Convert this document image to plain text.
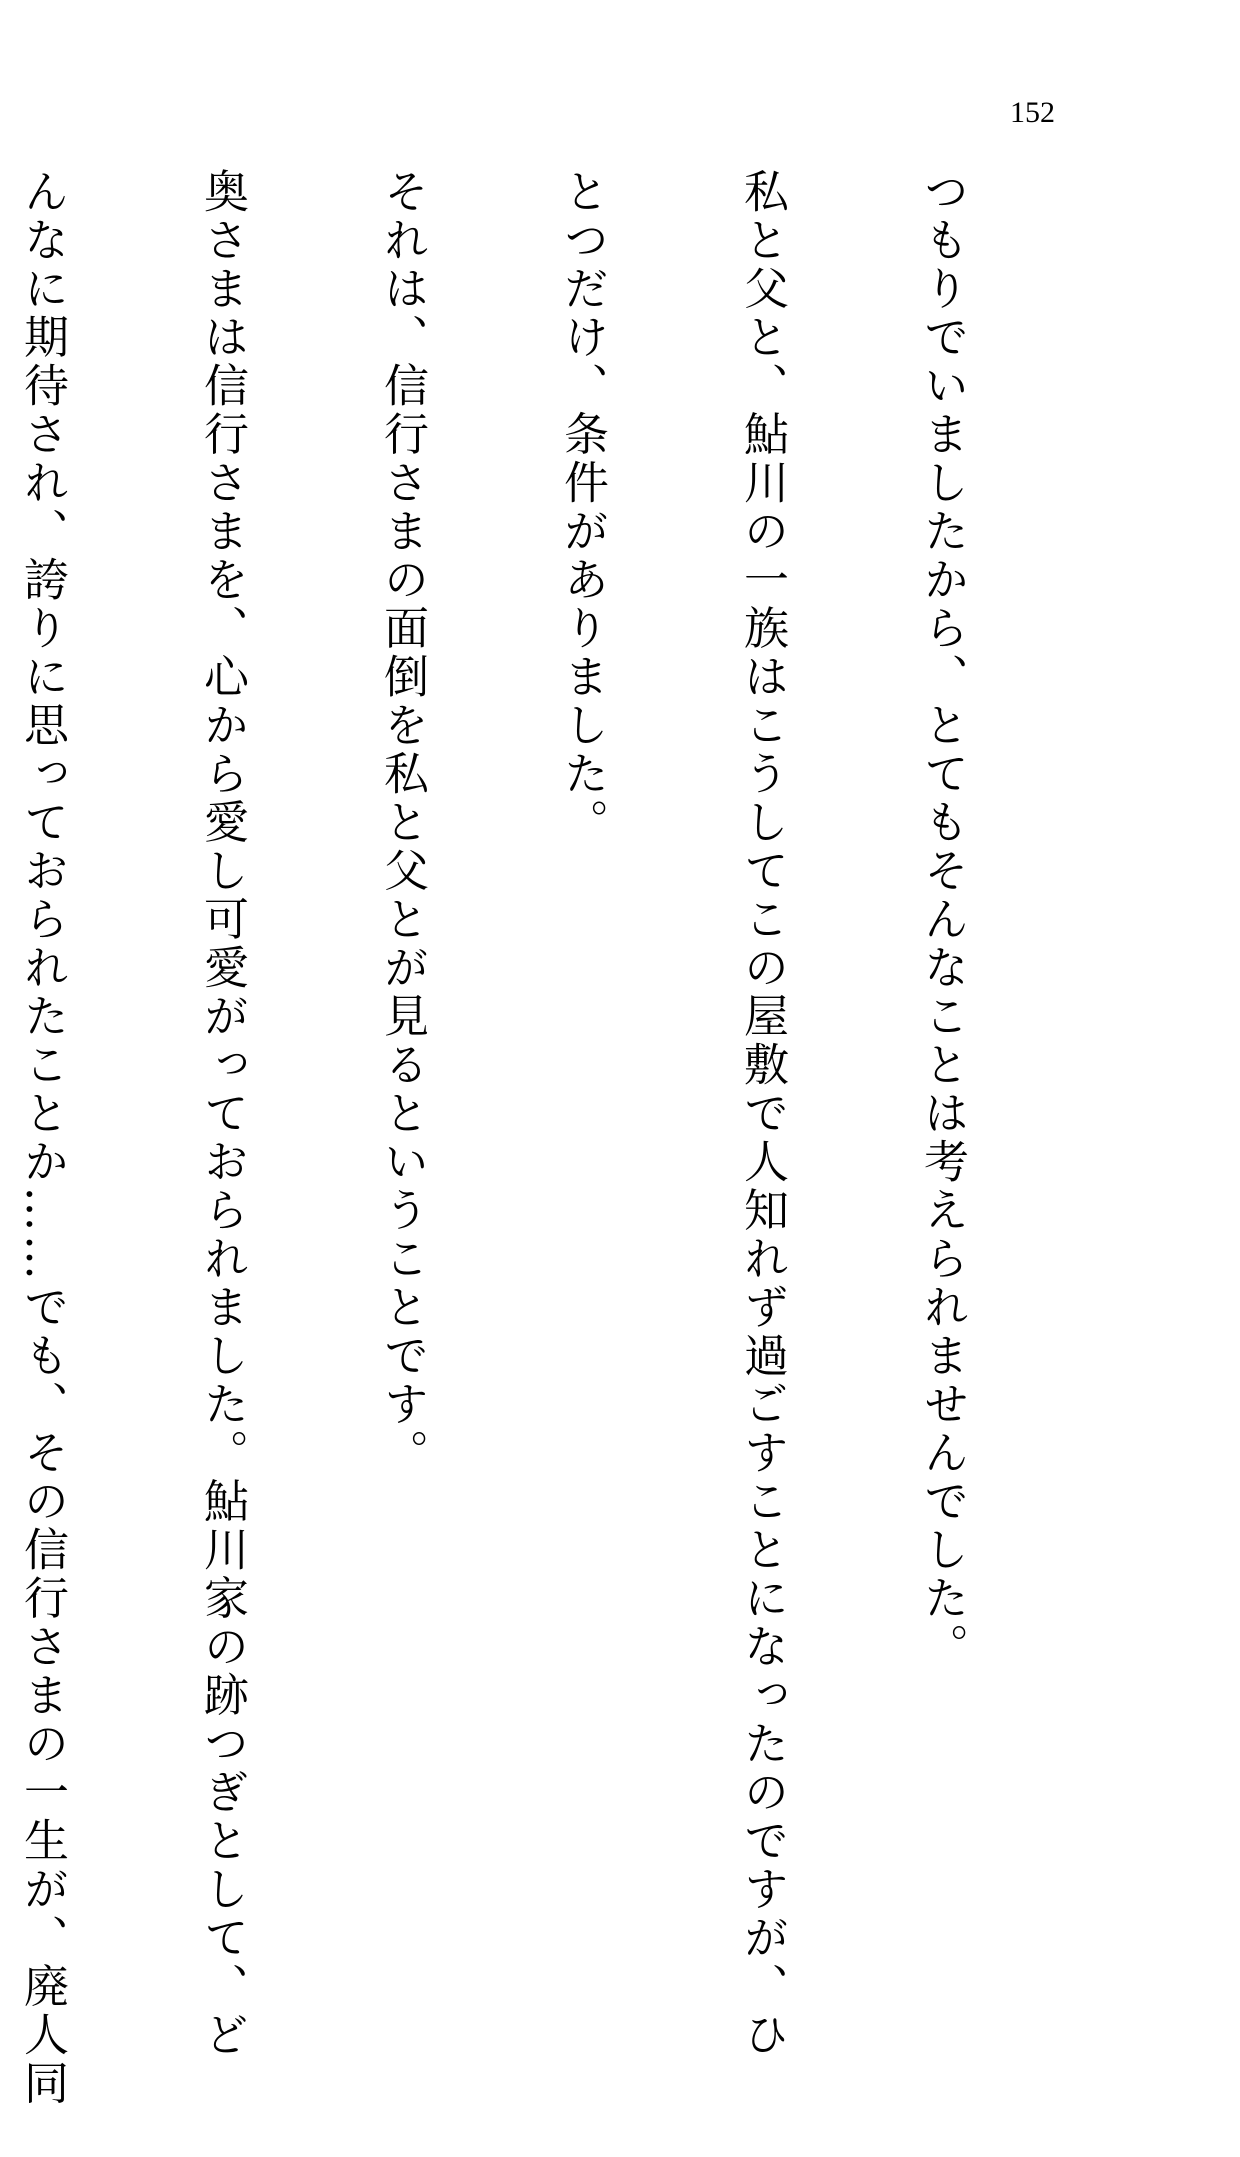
152

つもりでいましたから、とてもそんなことは考えられませんでした。

私と父と、鮎川の一族はこうしてこの屋敷で人知れず過ごすことになったのですが、ひ

とつだけ、条件がありました。

それは、信行さまの面倒を私と父とが見るということです。

奥さまは信行さまを、心から愛し可愛がっておられました。鮎川家の跡つぎとして、ど

んなに期待され、誇りに思っておられたことか……でも、その信行さまの一生が、廃人同
